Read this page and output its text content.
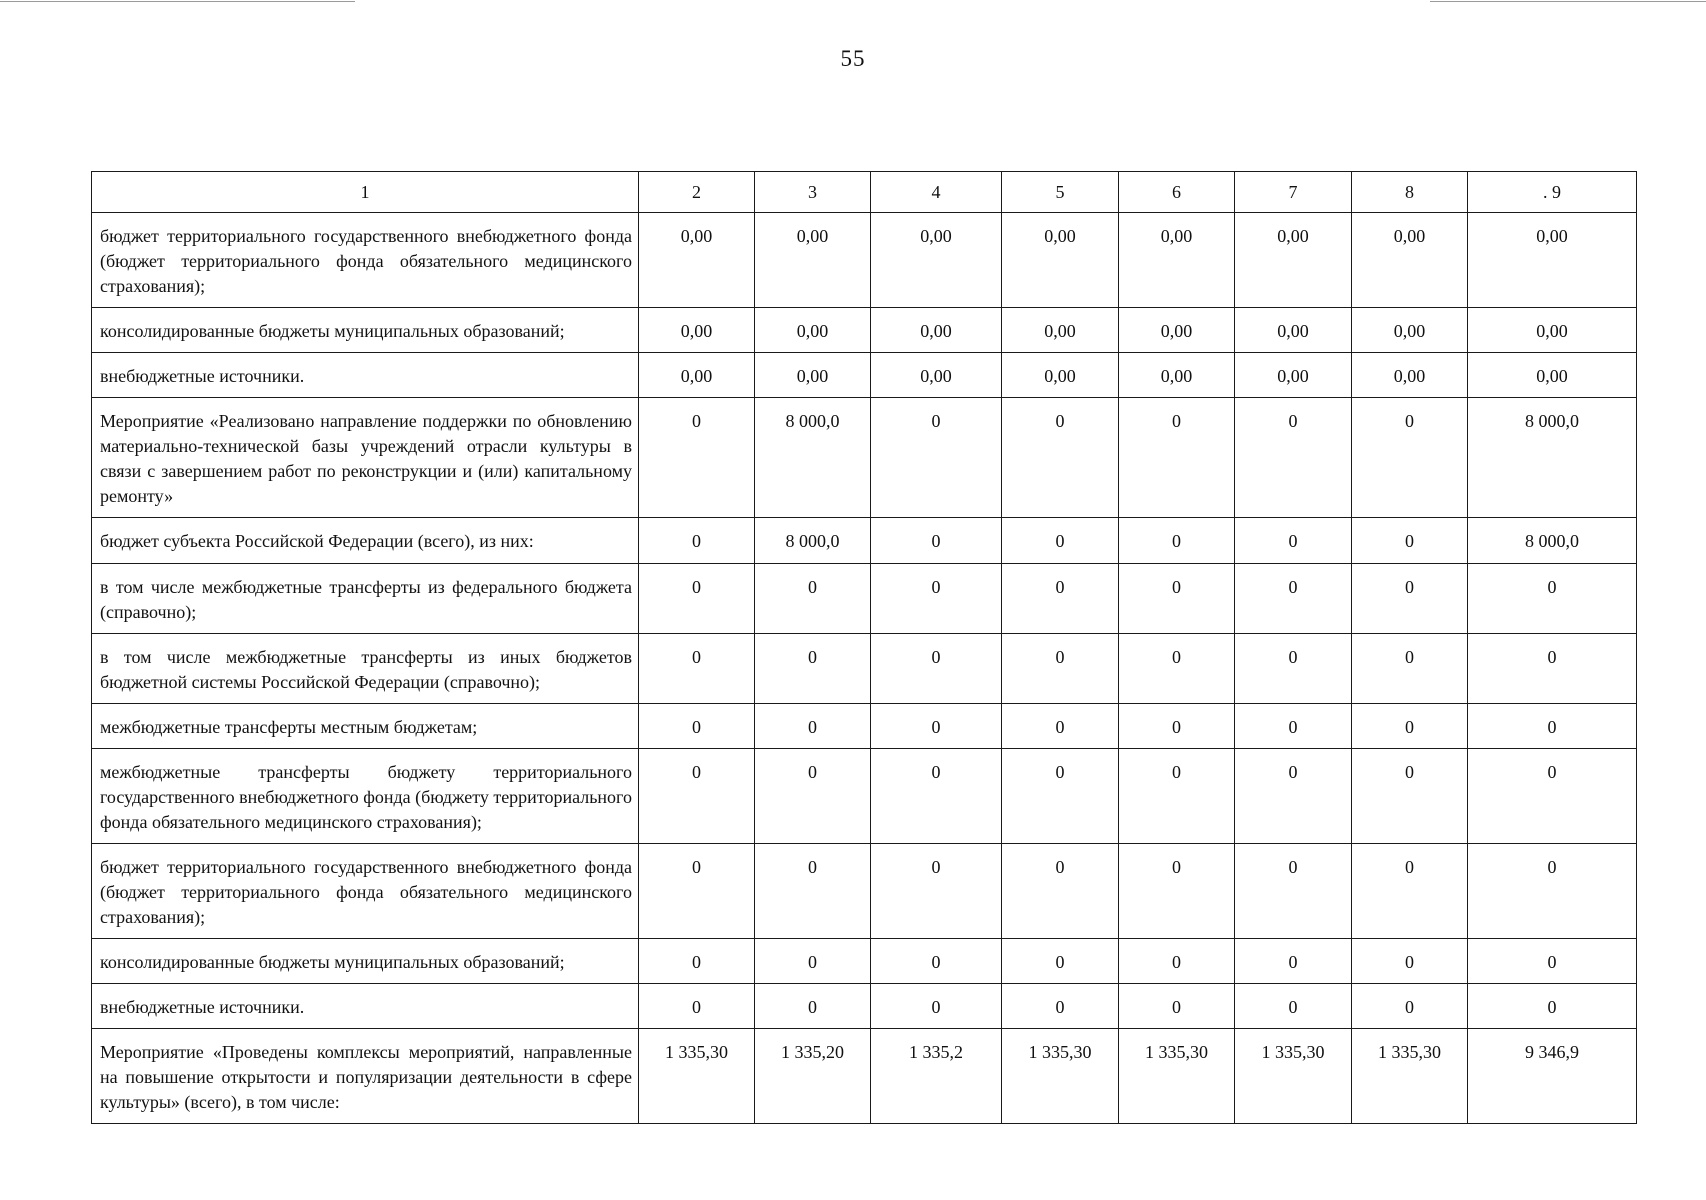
55
1	2	3	4	5	6	7	8	. 9
бюджет территориального государственного внебюджетного фонда (бюджет территориального фонда обязательного медицинского страхования);	0,00	0,00	0,00	0,00	0,00	0,00	0,00	0,00
консолидированные бюджеты муниципальных образований;	0,00	0,00	0,00	0,00	0,00	0,00	0,00	0,00
внебюджетные источники.	0,00	0,00	0,00	0,00	0,00	0,00	0,00	0,00
Мероприятие «Реализовано направление поддержки по обновлению материально-технической базы учреждений отрасли культуры в связи с завершением работ по реконструкции и (или) капитальному ремонту»	0	8 000,0	0	0	0	0	0	8 000,0
бюджет субъекта Российской Федерации (всего), из них:	0	8 000,0	0	0	0	0	0	8 000,0
в том числе межбюджетные трансферты из федерального бюджета (справочно);	0	0	0	0	0	0	0	0
в том числе межбюджетные трансферты из иных бюджетов бюджетной системы Российской Федерации (справочно);	0	0	0	0	0	0	0	0
межбюджетные трансферты местным бюджетам;	0	0	0	0	0	0	0	0
межбюджетные трансферты бюджету территориального государственного внебюджетного фонда (бюджету территориального фонда обязательного медицинского страхования);	0	0	0	0	0	0	0	0
бюджет территориального государственного внебюджетного фонда (бюджет территориального фонда обязательного медицинского страхования);	0	0	0	0	0	0	0	0
консолидированные бюджеты муниципальных образований;	0	0	0	0	0	0	0	0
внебюджетные источники.	0	0	0	0	0	0	0	0
Мероприятие «Проведены комплексы мероприятий, направленные на повышение открытости и популяризации деятельности в сфере культуры» (всего), в том числе:	1 335,30	1 335,20	1 335,2	1 335,30	1 335,30	1 335,30	1 335,30	9 346,9
